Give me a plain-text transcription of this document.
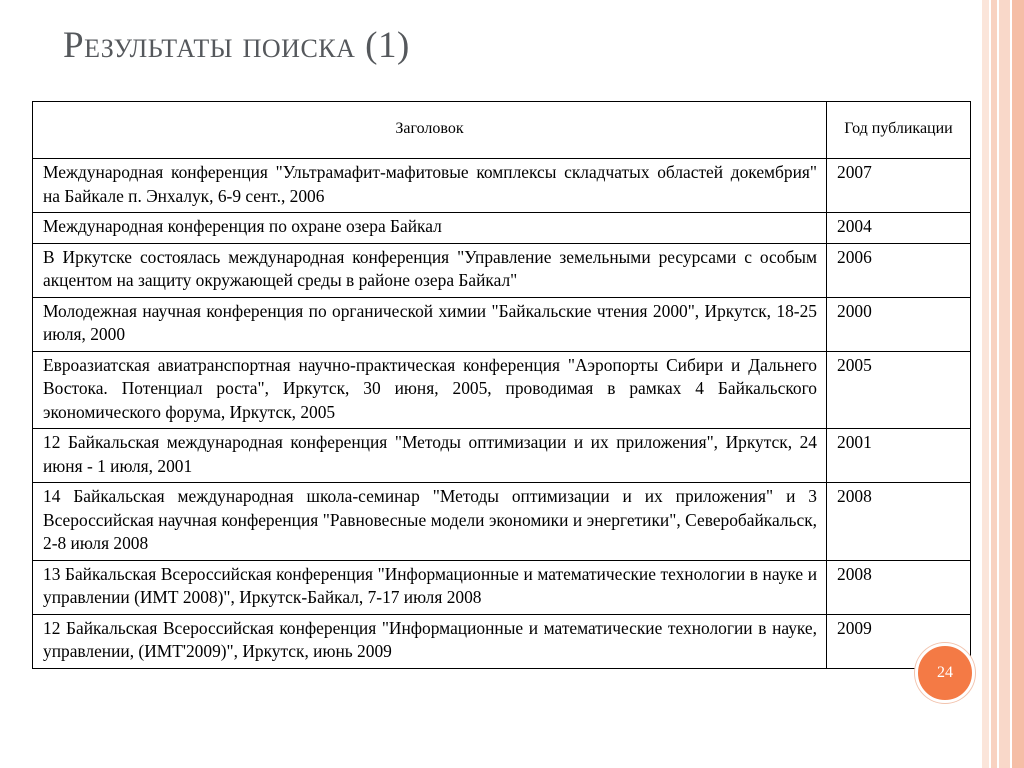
Результаты поиска (1)
Заголовок	Год публикации
Международная конференция "Ультрамафит-мафитовые комплексы складчатых областей докембрия" на Байкале п. Энхалук, 6-9 сент., 2006	2007
Международная конференция по охране озера Байкал	2004
В Иркутске состоялась международная конференция "Управление земельными ресурсами с особым акцентом на защиту окружающей среды в районе озера Байкал"	2006
Молодежная научная конференция по органической химии "Байкальские чтения 2000", Иркутск, 18-25 июля, 2000	2000
Евроазиатская авиатранспортная научно-практическая конференция "Аэропорты Сибири и Дальнего Востока. Потенциал роста", Иркутск, 30 июня, 2005, проводимая в рамках 4 Байкальского экономического форума, Иркутск, 2005	2005
12 Байкальская международная конференция "Методы оптимизации и их приложения", Иркутск, 24 июня - 1 июля, 2001	2001
14 Байкальская международная школа-семинар "Методы оптимизации и их приложения" и 3 Всероссийская научная конференция "Равновесные модели экономики и энергетики", Северобайкальск, 2-8 июля 2008	2008
13 Байкальская Всероссийская конференция "Информационные и математические технологии в науке и управлении (ИМТ 2008)", Иркутск-Байкал, 7-17 июля 2008	2008
12 Байкальская Всероссийская конференция "Информационные и математические технологии в науке, управлении, (ИМТ'2009)", Иркутск, июнь 2009	2009
24
